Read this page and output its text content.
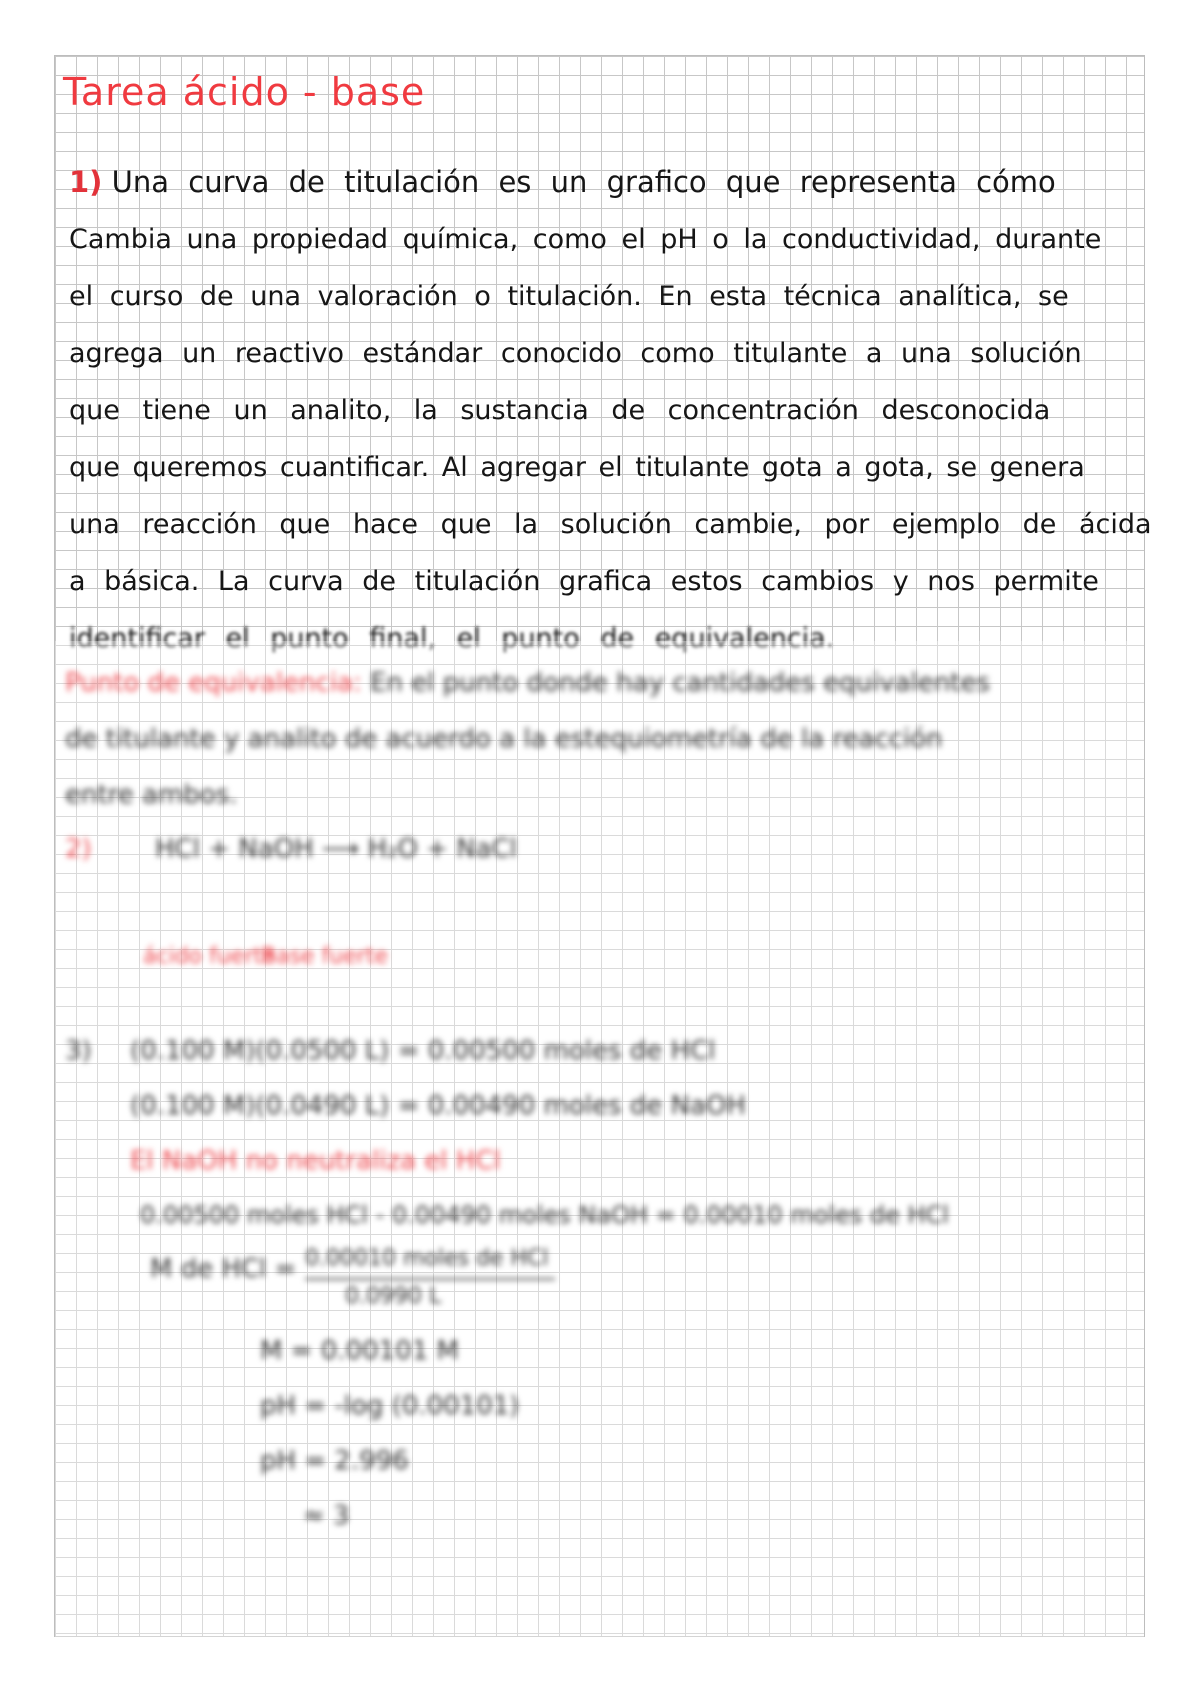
Tarea ácido - base
1)
Una curva de titulación es un grafico que representa cómo
Cambia una propiedad química, como el pH o la conductividad, durante
el curso de una valoración o titulación. En esta técnica analítica, se
agrega un reactivo estándar conocido como titulante a una solución
que tiene un analito, la sustancia de concentración desconocida
que queremos cuantificar. Al agregar el titulante gota a gota, se genera
una reacción que hace que la solución cambie, por ejemplo de ácida
a básica. La curva de titulación grafica estos cambios y nos permite
identificar el punto final, el punto de equivalencia.
Punto de equivalencia: En el punto donde hay cantidades equivalentes
de titulante y analito de acuerdo a la estequiometría de la reacción
entre ambos.
2) HCl + NaOH ⟶ H₂O + NaCl
ácido fuerte
Base fuerte
3) (0.100 M)(0.0500 L) = 0.00500 moles de HCl
(0.100 M)(0.0490 L) = 0.00490 moles de NaOH
El NaOH no neutraliza el HCl
0.00500 moles HCl - 0.00490 moles NaOH = 0.00010 moles de HCl
M de HCl = 0.00010 moles de HCl
0.0990 L
M = 0.00101 M
pH = -log (0.00101)
pH = 2.996
≈ 3
